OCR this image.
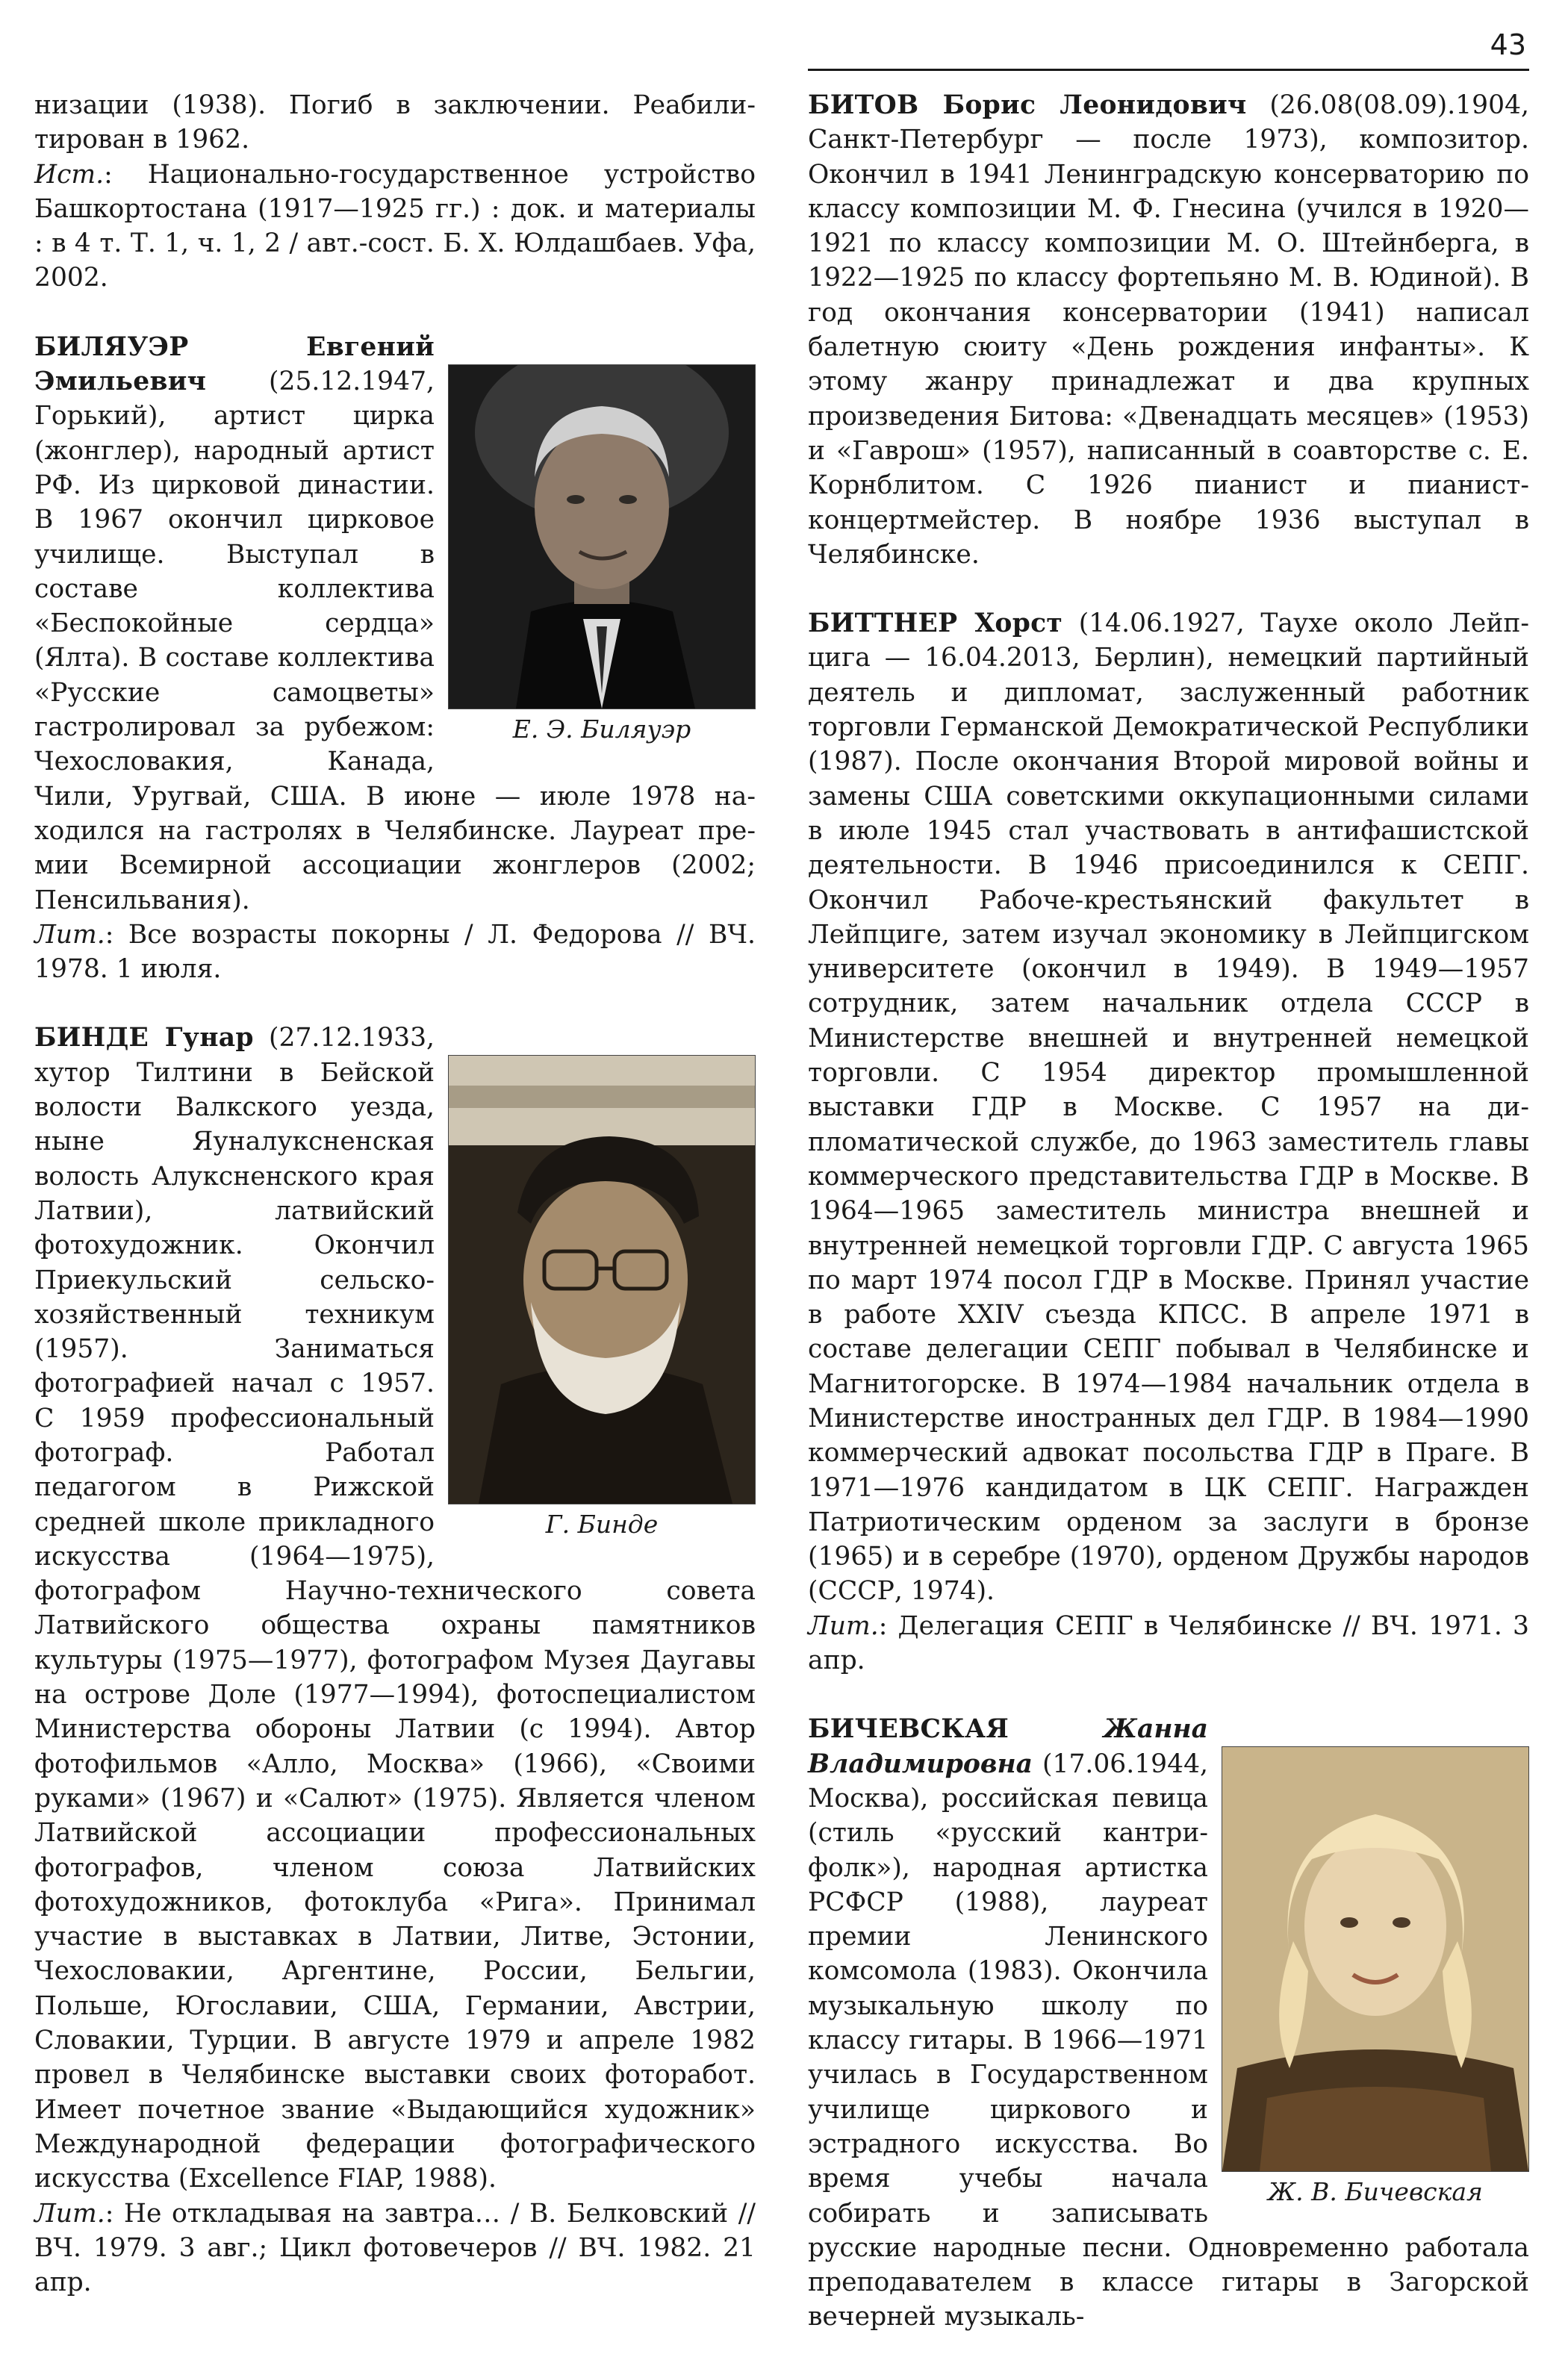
43

низации (1938). Погиб в заключении. Реабилитирован в 1962.

Ист.: Национально-государственное устройство Башкортостана (1917—1925 гг.) : док. и материалы : в 4 т. Т. 1, ч. 1, 2 / авт.-сост. Б. Х. Юлдашбаев. Уфа, 2002.

Е. Э. Биляуэр

БИЛЯУЭР Евгений Эмильевич (25.12.1947, Горький), артист цирка (жонглер), народный артист РФ. Из цирковой династии. В 1967 окончил цирковое училище. Выступал в составе коллектива «Беспокойные сердца» (Ялта). В составе коллектива «Русские самоцветы» гастролировал за рубежом: Чехословакия, Канада, Чили, Уругвай, США. В июне — июле 1978 находился на гастролях в Челябинске. Лауреат премии Всемирной ассоциации жонглеров (2002; Пенсильвания).

Лит.: Все возрасты покорны / Л. Федорова // ВЧ. 1978. 1 июля.

Г. Бинде

БИНДЕ Гунар (27.12.1933, хутор Тилтини в Бейской волости Валкского уезда, ныне Яуналуксненская волость Алуксненского края Латвии), латвийский фотохудожник. Окончил Приекульский сельско-хозяйственный техникум (1957). Заниматься фотографией начал с 1957. С 1959 профессиональный фотограф. Работал педагогом в Рижской средней школе прикладного искусства (1964—1975), фотографом Научно-технического совета Латвийского общества охраны памятников культуры (1975—1977), фотографом Музея Даугавы на острове Доле (1977—1994), фотоспециалистом Министерства обороны Латвии (с 1994). Автор фотофильмов «Алло, Москва» (1966), «Своими руками» (1967) и «Салют» (1975). Является членом Латвийской ассоциации профессиональных фотографов, членом союза Латвийских фотохудожников, фотоклуба «Рига». Принимал участие в выставках в Латвии, Литве, Эстонии, Чехословакии, Аргентине, России, Бельгии, Польше, Югославии, США, Германии, Австрии, Словакии, Турции. В августе 1979 и апреле 1982 провел в Челябинске выставки своих фоторабот. Имеет почетное звание «Выдающийся художник» Международной федерации фотографического искусства (Excellence FIAP, 1988).

Лит.: Не откладывая на завтра… / В. Белковский // ВЧ. 1979. 3 авг.; Цикл фотовечеров // ВЧ. 1982. 21 апр.

БИТОВ Борис Леонидович (26.08(08.09).1904, Санкт-Петербург — после 1973), композитор. Окончил в 1941 Ленинградскую консерваторию по классу композиции М. Ф. Гнесина (учился в 1920—1921 по классу композиции М. О. Штейнберга, в 1922—1925 по классу фортепьяно М. В. Юдиной). В год окончания консерватории (1941) написал балетную сюиту «День рождения инфанты». К этому жанру принадлежат и два крупных произведения Битова: «Двенадцать месяцев» (1953) и «Гаврош» (1957), написанный в соавторстве с. Е. Корнблитом. С 1926 пианист и пианист-концертмейстер. В ноябре 1936 выступал в Челябинске.

БИТТНЕР Хорст (14.06.1927, Таухе около Лейпцига — 16.04.2013, Берлин), немецкий партийный деятель и дипломат, заслуженный работник торговли Германской Демократической Республики (1987). После окончания Второй мировой войны и замены США советскими оккупационными силами в июле 1945 стал участвовать в антифашистской деятельности. В 1946 присоединился к СЕПГ. Окончил Рабоче-крестьянский факультет в Лейпциге, затем изучал экономику в Лейпцигском университете (окончил в 1949). В 1949—1957 сотрудник, затем начальник отдела СССР в Министерстве внешней и внутренней немецкой торговли. С 1954 директор промышленной выставки ГДР в Москве. С 1957 на дипломатической службе, до 1963 заместитель главы коммерческого представительства ГДР в Москве. В 1964—1965 заместитель министра внешней и внутренней немецкой торговли ГДР. С августа 1965 по март 1974 посол ГДР в Москве. Принял участие в работе XXIV съезда КПСС. В апреле 1971 в составе делегации СЕПГ побывал в Челябинске и Магнитогорске. В 1974—1984 начальник отдела в Министерстве иностранных дел ГДР. В 1984—1990 коммерческий адвокат посольства ГДР в Праге. В 1971—1976 кандидатом в ЦК СЕПГ. Награжден Патриотическим орденом за заслуги в бронзе (1965) и в серебре (1970), орденом Дружбы народов (СССР, 1974).

Лит.: Делегация СЕПГ в Челябинске // ВЧ. 1971. 3 апр.

Ж. В. Бичевская

БИЧЕВСКАЯ Жанна Владимировна (17.06.1944, Москва), российская певица (стиль «русский кантри-фолк»), народная артистка РСФСР (1988), лауреат премии Ленинского комсомола (1983). Окончила музыкальную школу по классу гитары. В 1966—1971 училась в Государственном училище циркового и эстрадного искусства. Во время учебы начала собирать и записывать русские народные песни. Одновременно работала преподавателем в классе гитары в Загорской вечерней музыкаль-
